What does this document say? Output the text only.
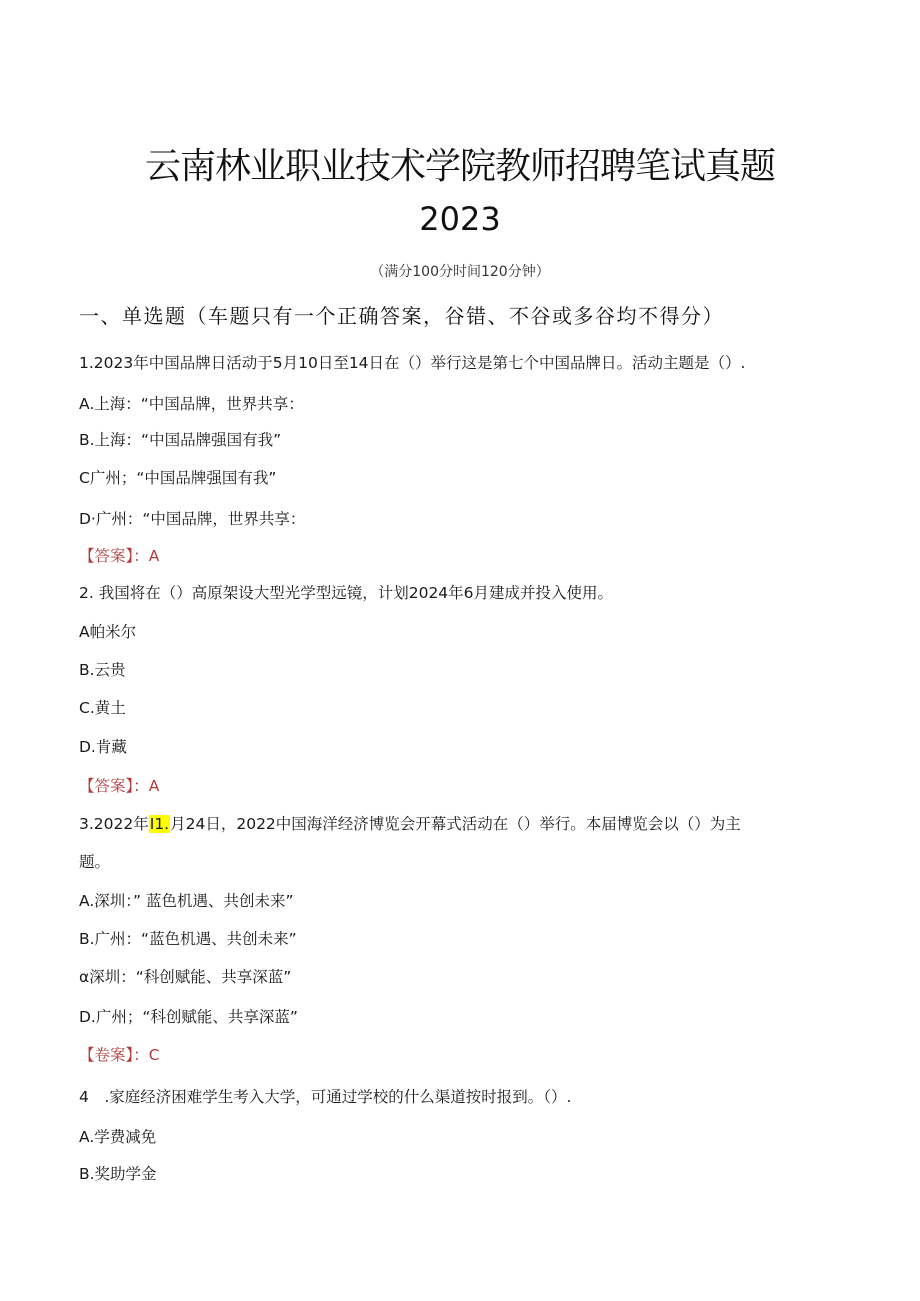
云南林业职业技术学院教师招聘笔试真题
2023
（满分100分时间120分钟）
一、单选题（车题只有一个正确答案，谷错、不谷或多谷均不得分）
1.2023年中国品牌日活动于5月10日至14日在（）举行这是第七个中国品牌日。活动主题是（）.
A.上海：“中国品牌，世界共享：
B.上海：“中国品牌强国有我”
C广州；“中国品牌强国有我”
D·广州：“中国品牌，世界共享：
【答案】：A
2. 我国将在（）高原架设大型光学型远镜，计划2024年6月建成并投入使用。
A帕米尔
B.云贵
C.黄土
D.肯藏
【答案】：A
3.2022年I1.月24日，2022中国海洋经济博览会开幕式活动在（）举行。本届博览会以（）为主
题。
A.深圳：” 蓝色机遇、共创未来”
B.广州：“蓝色机遇、共创未来”
α深圳：“科创赋能、共享深蓝”
D.广州；“科创赋能、共享深蓝”
【卷案】：C
4　.家庭经济困难学生考入大学，可通过学校的什么渠道按时报到。（）.
A.学费减免
B.奖助学金
